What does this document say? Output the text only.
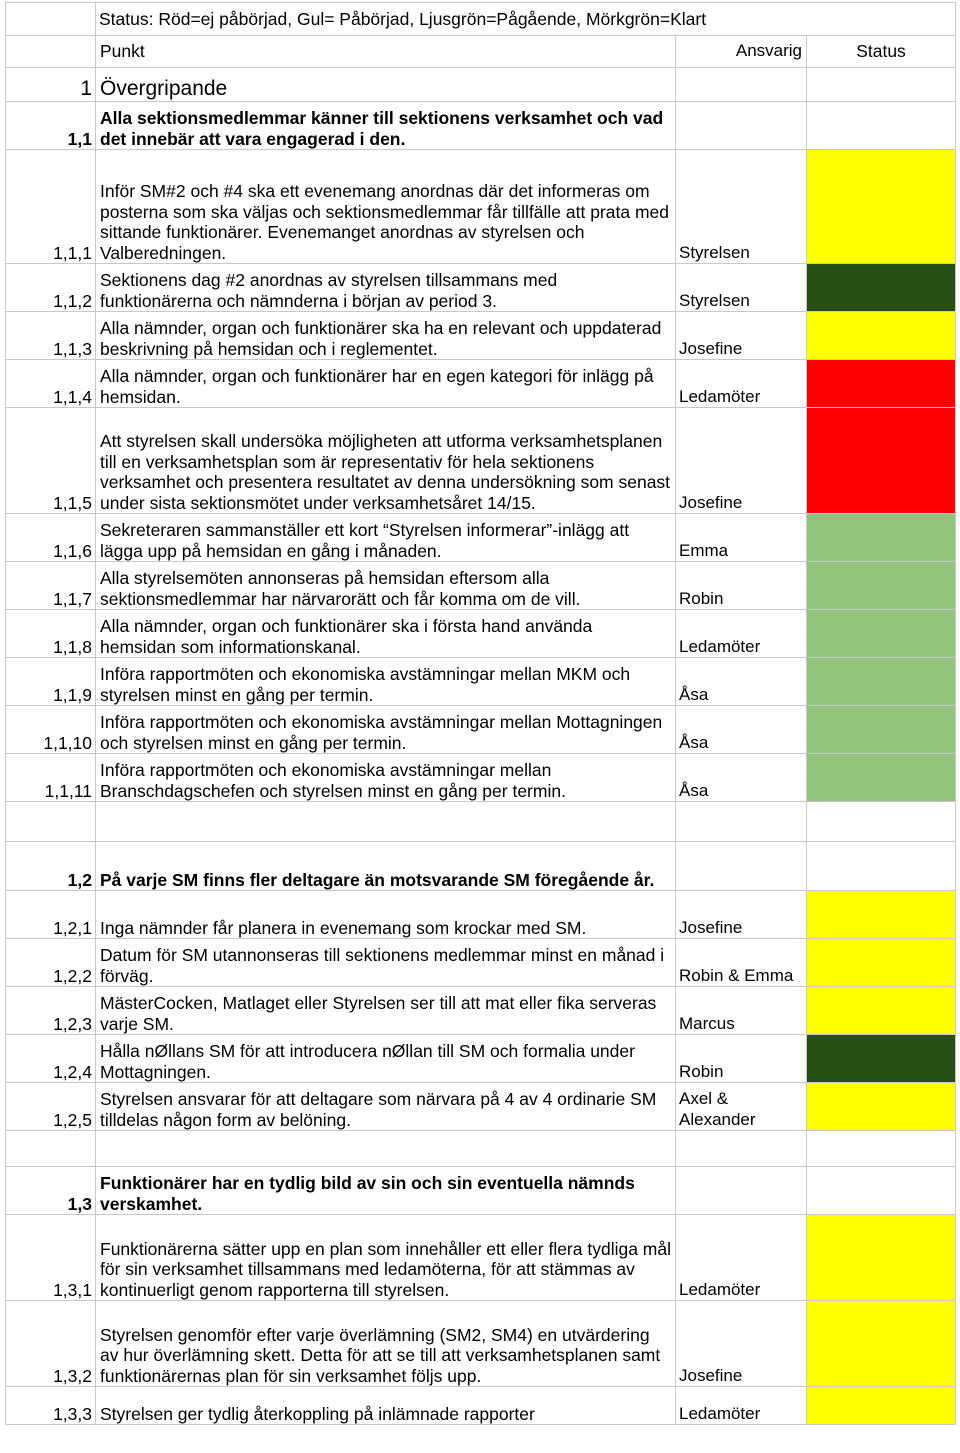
	Status: Röd=ej påbörjad, Gul= Påbörjad, Ljusgrön=Pågående, Mörkgrön=Klart		
	Punkt	Ansvarig	Status
1	Övergripande		
1,1	Alla sektionsmedlemmar känner till sektionens verksamhet och vad det innebär att vara engagerad i den.		
1,1,1	Inför SM#2 och #4 ska ett evenemang anordnas där det informeras om posterna som ska väljas och sektionsmedlemmar får tillfälle att prata med sittande funktionärer. Evenemanget anordnas av styrelsen och Valberedningen.	Styrelsen	
1,1,2	Sektionens dag #2 anordnas av styrelsen tillsammans med funktionärerna och nämnderna i början av period 3.	Styrelsen	
1,1,3	Alla nämnder, organ och funktionärer ska ha en relevant och uppdaterad beskrivning på hemsidan och i reglementet.	Josefine	
1,1,4	Alla nämnder, organ och funktionärer har en egen kategori för inlägg på hemsidan.	Ledamöter	
1,1,5	Att styrelsen skall undersöka möjligheten att utforma verksamhetsplanen till en verksamhetsplan som är representativ för hela sektionens verksamhet och presentera resultatet av denna undersökning som senast under sista sektionsmötet under verksamhetsåret 14/15.	Josefine	
1,1,6	Sekreteraren sammanställer ett kort “Styrelsen informerar”-inlägg att lägga upp på hemsidan en gång i månaden.	Emma	
1,1,7	Alla styrelsemöten annonseras på hemsidan eftersom alla sektionsmedlemmar har närvarorätt och får komma om de vill.	Robin	
1,1,8	Alla nämnder, organ och funktionärer ska i första hand använda hemsidan som informationskanal.	Ledamöter	
1,1,9	Införa rapportmöten och ekonomiska avstämningar mellan MKM och styrelsen minst en gång per termin.	Åsa	
1,1,10	Införa rapportmöten och ekonomiska avstämningar mellan Mottagningen och styrelsen minst en gång per termin.	Åsa	
1,1,11	Införa rapportmöten och ekonomiska avstämningar mellan Branschdagschefen och styrelsen minst en gång per termin.	Åsa	

1,2	På varje SM finns fler deltagare än motsvarande SM föregående år.		
1,2,1	Inga nämnder får planera in evenemang som krockar med SM.	Josefine	
1,2,2	Datum för SM utannonseras till sektionens medlemmar minst en månad i förväg.	Robin & Emma	
1,2,3	MästerCocken, Matlaget eller Styrelsen ser till att mat eller fika serveras varje SM.	Marcus	
1,2,4	Hålla nØllans SM för att introducera nØllan till SM och formalia under Mottagningen.	Robin	
1,2,5	Styrelsen ansvarar för att deltagare som närvara på 4 av 4 ordinarie SM tilldelas någon form av belöning.	Axel & Alexander	

1,3	Funktionärer har en tydlig bild av sin och sin eventuella nämnds verskamhet.		
1,3,1	Funktionärerna sätter upp en plan som innehåller ett eller flera tydliga mål för sin verksamhet tillsammans med ledamöterna, för att stämmas av kontinuerligt genom rapporterna till styrelsen.	Ledamöter	
1,3,2	Styrelsen genomför efter varje överlämning (SM2, SM4) en utvärdering av hur överlämning skett. Detta för att se till att verksamhetsplanen samt funktionärernas plan för sin verksamhet följs upp.	Josefine	
1,3,3	Styrelsen ger tydlig återkoppling på inlämnade rapporter	Ledamöter	
